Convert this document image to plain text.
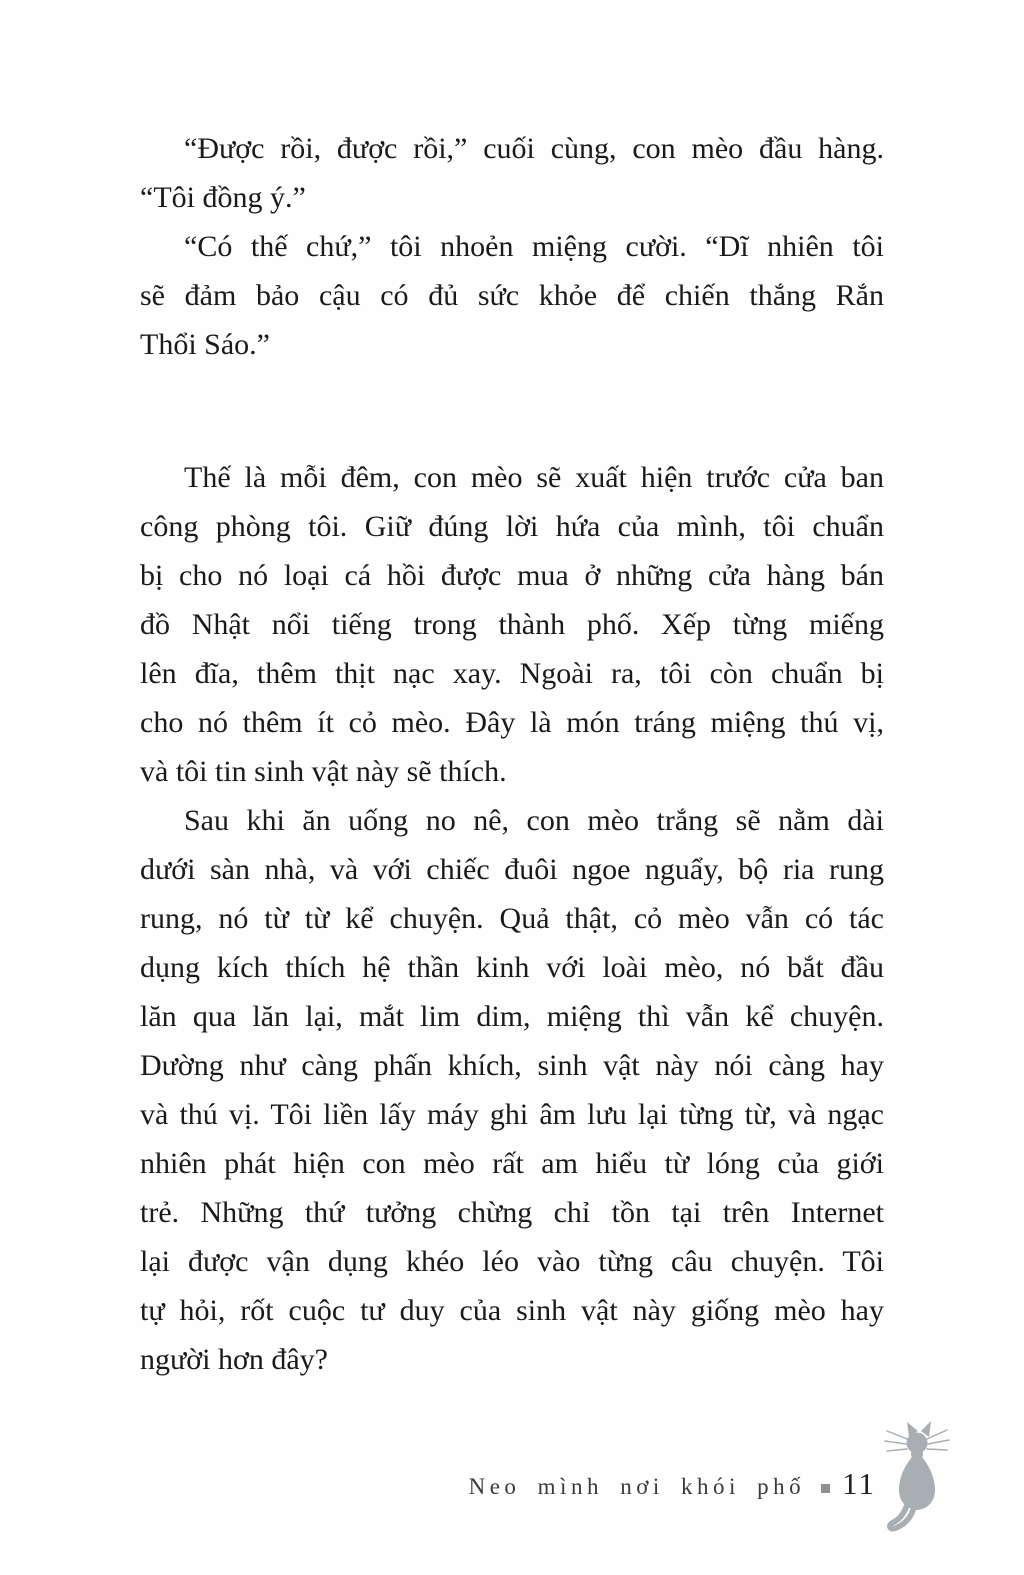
“Được rồi, được rồi,” cuối cùng, con mèo đầu hàng.
“Tôi đồng ý.”
“Có thế chứ,” tôi nhoẻn miệng cười. “Dĩ nhiên tôi
sẽ đảm bảo cậu có đủ sức khỏe để chiến thắng Rắn
Thổi Sáo.”
Thế là mỗi đêm, con mèo sẽ xuất hiện trước cửa ban
công phòng tôi. Giữ đúng lời hứa của mình, tôi chuẩn
bị cho nó loại cá hồi được mua ở những cửa hàng bán
đồ Nhật nổi tiếng trong thành phố. Xếp từng miếng
lên đĩa, thêm thịt nạc xay. Ngoài ra, tôi còn chuẩn bị
cho nó thêm ít cỏ mèo. Đây là món tráng miệng thú vị,
và tôi tin sinh vật này sẽ thích.
Sau khi ăn uống no nê, con mèo trắng sẽ nằm dài
dưới sàn nhà, và với chiếc đuôi ngoe nguẩy, bộ ria rung
rung, nó từ từ kể chuyện. Quả thật, cỏ mèo vẫn có tác
dụng kích thích hệ thần kinh với loài mèo, nó bắt đầu
lăn qua lăn lại, mắt lim dim, miệng thì vẫn kể chuyện.
Dường như càng phấn khích, sinh vật này nói càng hay
và thú vị. Tôi liền lấy máy ghi âm lưu lại từng từ, và ngạc
nhiên phát hiện con mèo rất am hiểu từ lóng của giới
trẻ. Những thứ tưởng chừng chỉ tồn tại trên Internet
lại được vận dụng khéo léo vào từng câu chuyện. Tôi
tự hỏi, rốt cuộc tư duy của sinh vật này giống mèo hay
người hơn đây?
Neo mình nơi khói phố 11
